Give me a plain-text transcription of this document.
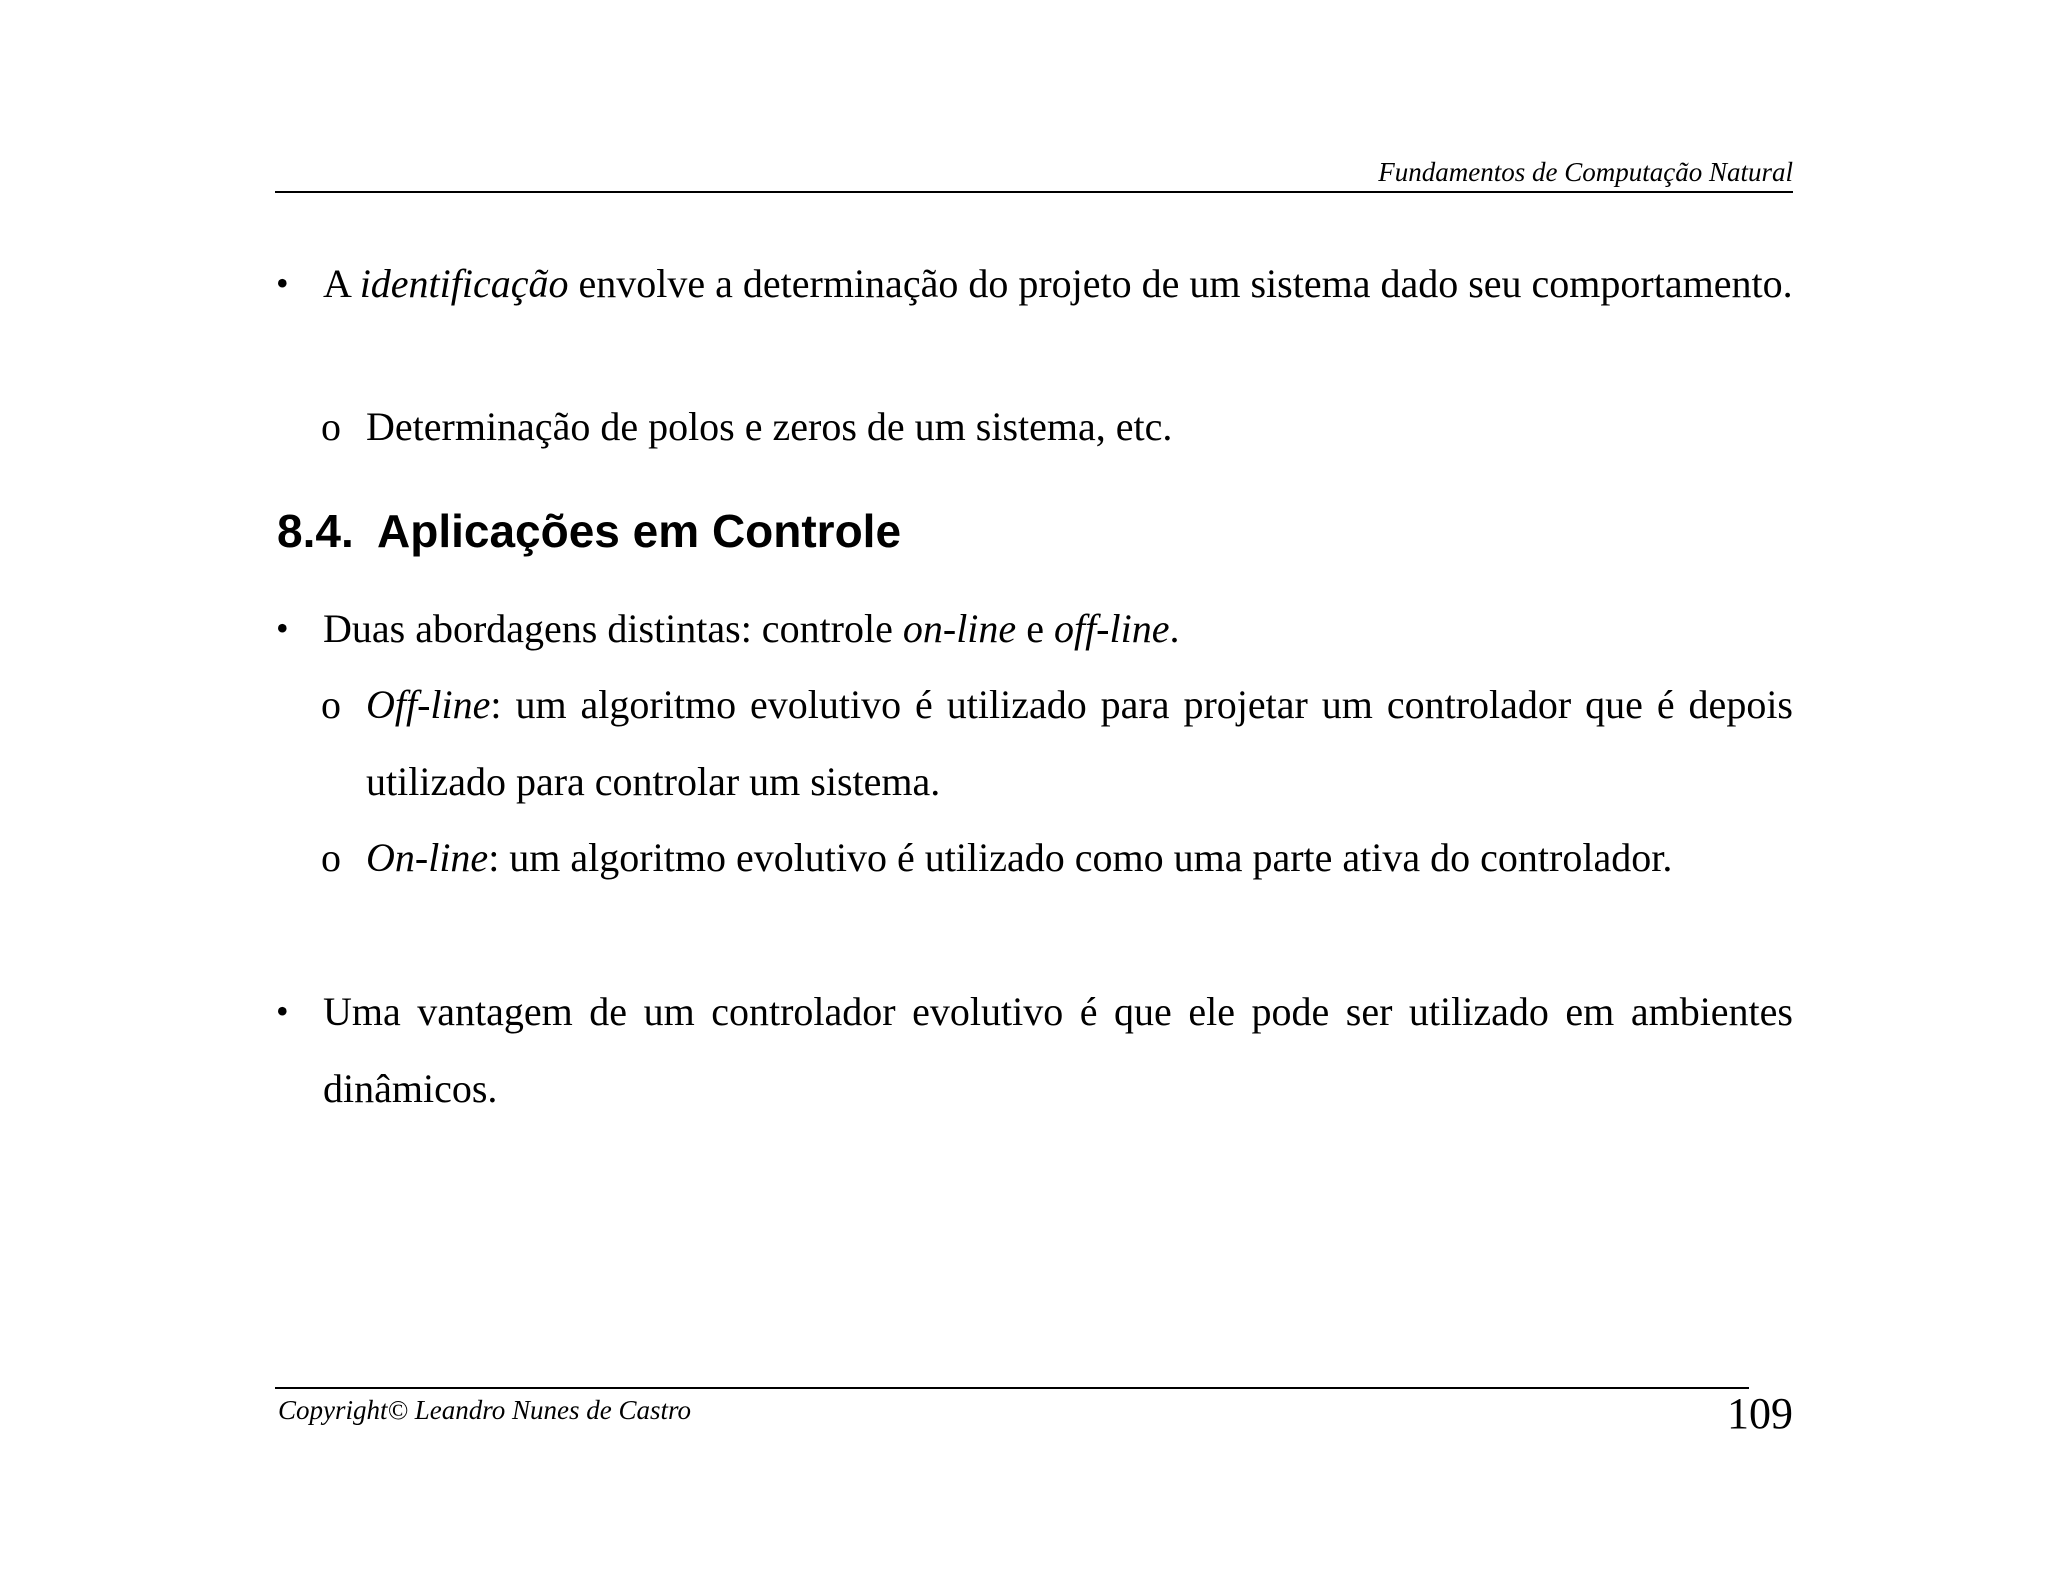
Fundamentos de Computação Natural
• A identificação envolve a determinação do projeto de um sistema dado seu comportamento.
o Determinação de polos e zeros de um sistema, etc.
8.4. Aplicações em Controle
• Duas abordagens distintas: controle on-line e off-line.
o Off-line: um algoritmo evolutivo é utilizado para projetar um controlador que é depois utilizado para controlar um sistema.
o On-line: um algoritmo evolutivo é utilizado como uma parte ativa do controlador.
• Uma vantagem de um controlador evolutivo é que ele pode ser utilizado em ambientes dinâmicos.
Copyright© Leandro Nunes de Castro	109
